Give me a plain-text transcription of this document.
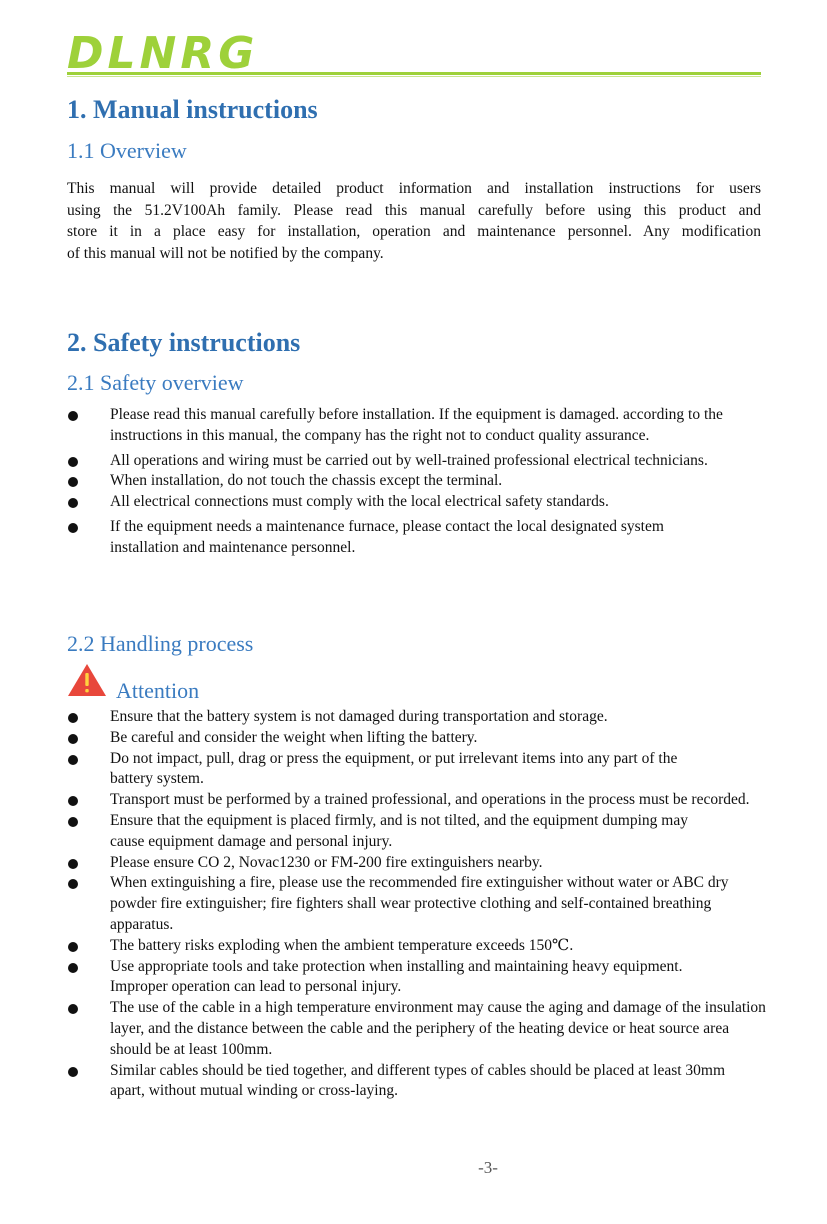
DLNRG
1. Manual instructions
1.1 Overview
This manual will provide detailed product information and installation instructions for users
using the 51.2V100Ah family. Please read this manual carefully before using this product and
store it in a place easy for installation, operation and maintenance personnel. Any modification
of this manual will not be notified by the company.
2. Safety instructions
2.1 Safety overview
Please read this manual carefully before installation. If the equipment is damaged. according to the instructions in this manual, the company has the right not to conduct quality assurance.
All operations and wiring must be carried out by well-trained professional electrical technicians.
When installation, do not touch the chassis except the terminal.
All electrical connections must comply with the local electrical safety standards.
If the equipment needs a maintenance furnace, please contact the local designated system installation and maintenance personnel.
2.2 Handling process
Attention
Ensure that the battery system is not damaged during transportation and storage.
Be careful and consider the weight when lifting the battery.
Do not impact, pull, drag or press the equipment, or put irrelevant items into any part of the battery system.
Transport must be performed by a trained professional, and operations in the process must be recorded.
Ensure that the equipment is placed firmly, and is not tilted, and the equipment dumping may cause equipment damage and personal injury.
Please ensure CO 2, Novac1230 or FM-200 fire extinguishers nearby.
When extinguishing a fire, please use the recommended fire extinguisher without water or ABC dry powder fire extinguisher; fire fighters shall wear protective clothing and self-contained breathing apparatus.
The battery risks exploding when the ambient temperature exceeds 150℃.
Use appropriate tools and take protection when installing and maintaining heavy equipment. Improper operation can lead to personal injury.
The use of the cable in a high temperature environment may cause the aging and damage of the insulation layer, and the distance between the cable and the periphery of the heating device or heat source area should be at least 100mm.
Similar cables should be tied together, and different types of cables should be placed at least 30mm apart, without mutual winding or cross-laying.
-3-
